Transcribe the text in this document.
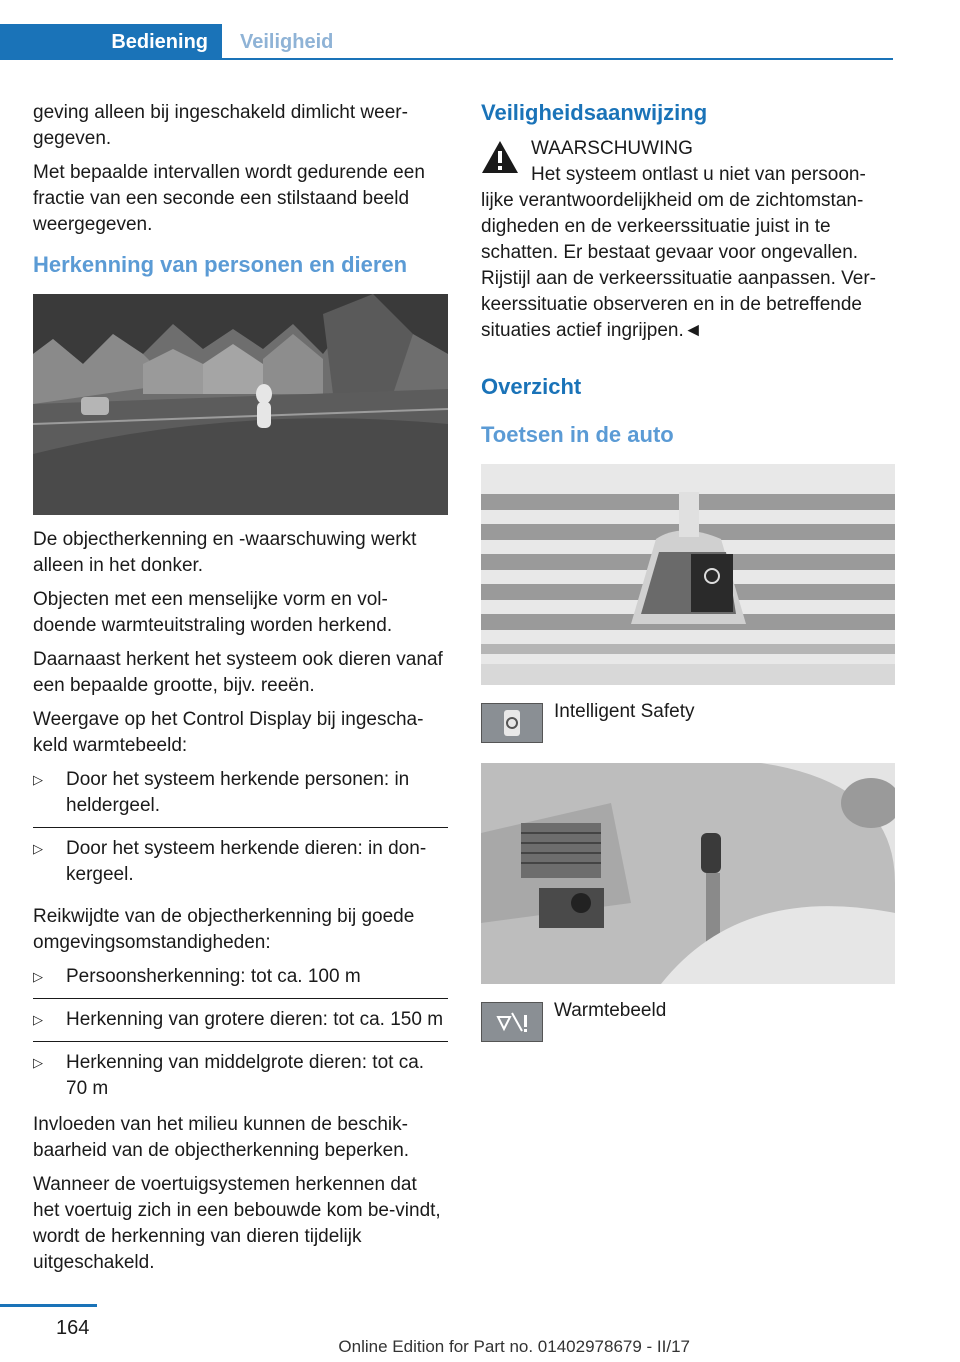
Bediening	Veiligheid

geving alleen bij ingeschakeld dimlicht weer-gegeven.

Met bepaalde intervallen wordt gedurende een fractie van een seconde een stilstaand beeld weergegeven.

Herkenning van personen en dieren

De objectherkenning en -waarschuwing werkt alleen in het donker.

Objecten met een menselijke vorm en vol-doende warmteuitstraling worden herkend.

Daarnaast herkent het systeem ook dieren vanaf een bepaalde grootte, bijv. reeën.

Weergave op het Control Display bij ingescha-keld warmtebeeld:

▷ Door het systeem herkende personen: in heldergeel.
▷ Door het systeem herkende dieren: in don-kergeel.

Reikwijdte van de objectherkenning bij goede omgevingsomstandigheden:

▷ Persoonsherkenning: tot ca. 100 m
▷ Herkenning van grotere dieren: tot ca. 150 m
▷ Herkenning van middelgrote dieren: tot ca. 70 m

Invloeden van het milieu kunnen de beschik-baarheid van de objectherkenning beperken.

Wanneer de voertuigsystemen herkennen dat het voertuig zich in een bebouwde kom be-vindt, wordt de herkenning van dieren tijdelijk uitgeschakeld.

Veiligheidsaanwijzing
WAARSCHUWING
Het systeem ontlast u niet van persoon-lijke verantwoordelijkheid om de zichtomstan-digheden en de verkeerssituatie juist in te schatten. Er bestaat gevaar voor ongevallen. Rijstijl aan de verkeerssituatie aanpassen. Ver-keerssituatie observeren en in de betreffende situaties actief ingrijpen.◄
Overzicht
Toetsen in de auto
Intelligent Safety
Warmtebeeld
164
Online Edition for Part no. 01402978679 - II/17
